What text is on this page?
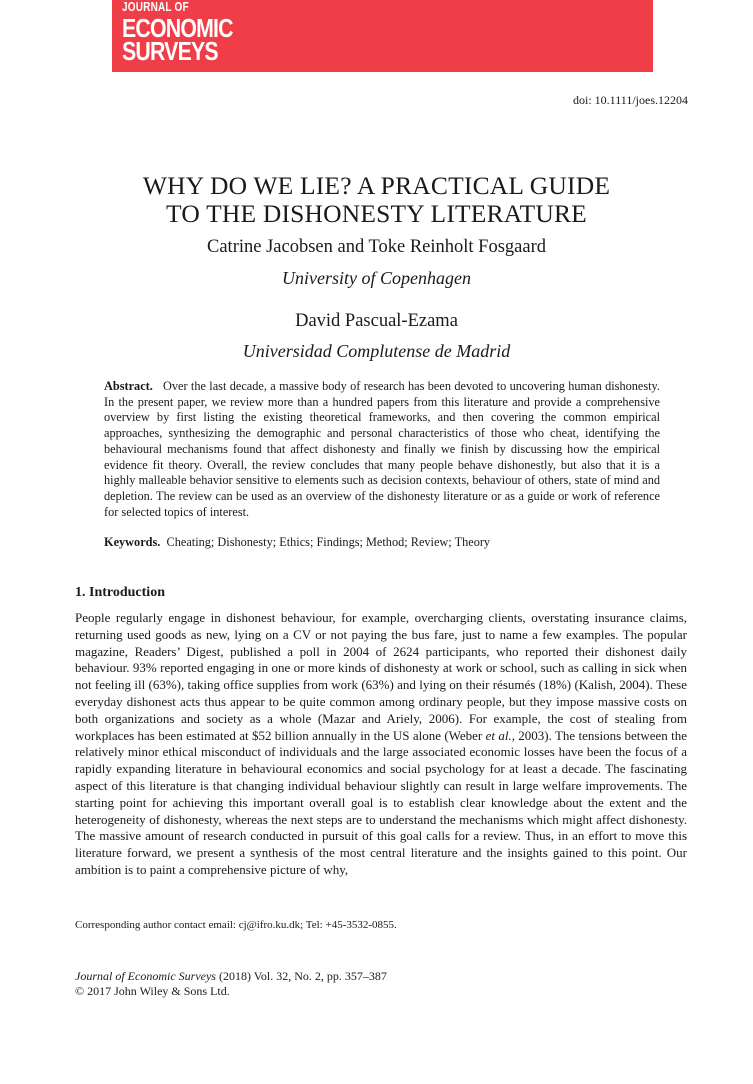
JOURNAL OF
ECONOMIC
SURVEYS
doi: 10.1111/joes.12204
WHY DO WE LIE? A PRACTICAL GUIDE
TO THE DISHONESTY LITERATURE
Catrine Jacobsen and Toke Reinholt Fosgaard
University of Copenhagen
David Pascual-Ezama
Universidad Complutense de Madrid

Abstract. Over the last decade, a massive body of research has been devoted to uncovering human dishonesty. In the present paper, we review more than a hundred papers from this literature and provide a comprehensive overview by first listing the existing theoretical frameworks, and then covering the common empirical approaches, synthesizing the demographic and personal characteristics of those who cheat, identifying the behavioural mechanisms found that affect dishonesty and finally we finish by discussing how the empirical evidence fit theory. Overall, the review concludes that many people behave dishonestly, but also that it is a highly malleable behavior sensitive to elements such as decision contexts, behaviour of others, state of mind and depletion. The review can be used as an overview of the dishonesty literature or as a guide or work of reference for selected topics of interest.

Keywords. Cheating; Dishonesty; Ethics; Findings; Method; Review; Theory

1. Introduction

People regularly engage in dishonest behaviour, for example, overcharging clients, overstating insurance claims, returning used goods as new, lying on a CV or not paying the bus fare, just to name a few examples. The popular magazine, Readers’ Digest, published a poll in 2004 of 2624 participants, who reported their dishonest daily behaviour. 93% reported engaging in one or more kinds of dishonesty at work or school, such as calling in sick when not feeling ill (63%), taking office supplies from work (63%) and lying on their résumés (18%) (Kalish, 2004). These everyday dishonest acts thus appear to be quite common among ordinary people, but they impose massive costs on both organizations and society as a whole (Mazar and Ariely, 2006). For example, the cost of stealing from workplaces has been estimated at $52 billion annually in the US alone (Weber et al., 2003). The tensions between the relatively minor ethical misconduct of individuals and the large associated economic losses have been the focus of a rapidly expanding literature in behavioural economics and social psychology for at least a decade. The fascinating aspect of this literature is that changing individual behaviour slightly can result in large welfare improvements. The starting point for achieving this important overall goal is to establish clear knowledge about the extent and the heterogeneity of dishonesty, whereas the next steps are to understand the mechanisms which might affect dishonesty. The massive amount of research conducted in pursuit of this goal calls for a review. Thus, in an effort to move this literature forward, we present a synthesis of the most central literature and the insights gained to this point. Our ambition is to paint a comprehensive picture of why,

Corresponding author contact email: cj@ifro.ku.dk; Tel: +45-3532-0855.
Journal of Economic Surveys (2018) Vol. 32, No. 2, pp. 357–387
© 2017 John Wiley & Sons Ltd.
